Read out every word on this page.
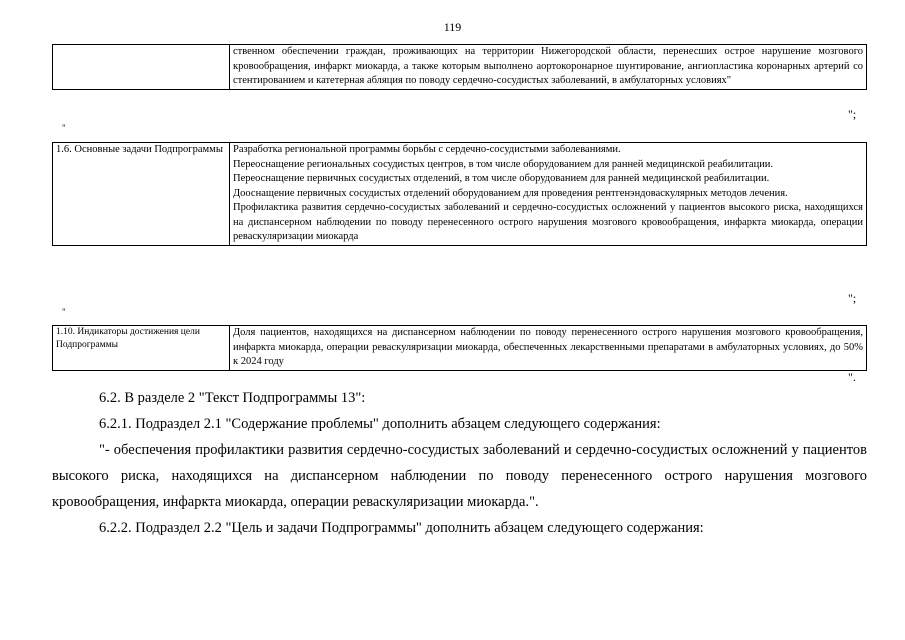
119
	ственном обеспечении граждан, проживающих на территории Нижегородской области, перенесших острое нарушение мозгового кровообращения, инфаркт миокарда, а также которым выполнено аортокоронарное шунтирование, ангиопластика коронарных артерий со стентированием и катетерная абляция по поводу сердечно-сосудистых заболеваний, в амбулаторных условиях"
";
"
1.6. Основные задачи Подпрограммы	Разработка региональной программы борьбы с сердечно-сосудистыми заболеваниями.

Переоснащение региональных сосудистых центров, в том числе оборудованием для ранней медицинской реабилитации.

Переоснащение первичных сосудистых отделений, в том числе оборудованием для ранней медицинской реабилитации.

Дооснащение первичных сосудистых отделений оборудованием для проведения рентгенэндоваскулярных методов лечения.

Профилактика развития сердечно-сосудистых заболеваний и сердечно-сосудистых осложнений у пациентов высокого риска, находящихся на диспансерном наблюдении по поводу перенесенного острого нарушения мозгового кровообращения, инфаркта миокарда, операции реваскуляризации миокарда

";
"
1.10. Индикаторы достижения цели Подпрограммы	Доля пациентов, находящихся на диспансерном наблюдении по поводу перенесенного острого нарушения мозгового кровообращения, инфаркта миокарда, операции реваскуляризации миокарда, обеспеченных лекарственными препаратами в амбулаторных условиях, до 50% к 2024 году
".

6.2. В разделе 2 "Текст Подпрограммы 13":

6.2.1. Подраздел 2.1 "Содержание проблемы" дополнить абзацем следующего содержания:

"- обеспечения профилактики развития сердечно-сосудистых заболеваний и сердечно-сосудистых осложнений у пациентов высокого риска, находящихся на диспансерном наблюдении по поводу перенесенного острого нарушения мозгового кровообращения, инфаркта миокарда, операции реваскуляризации миокарда.".

6.2.2. Подраздел 2.2 "Цель и задачи Подпрограммы" дополнить абзацем следующего содержания:
